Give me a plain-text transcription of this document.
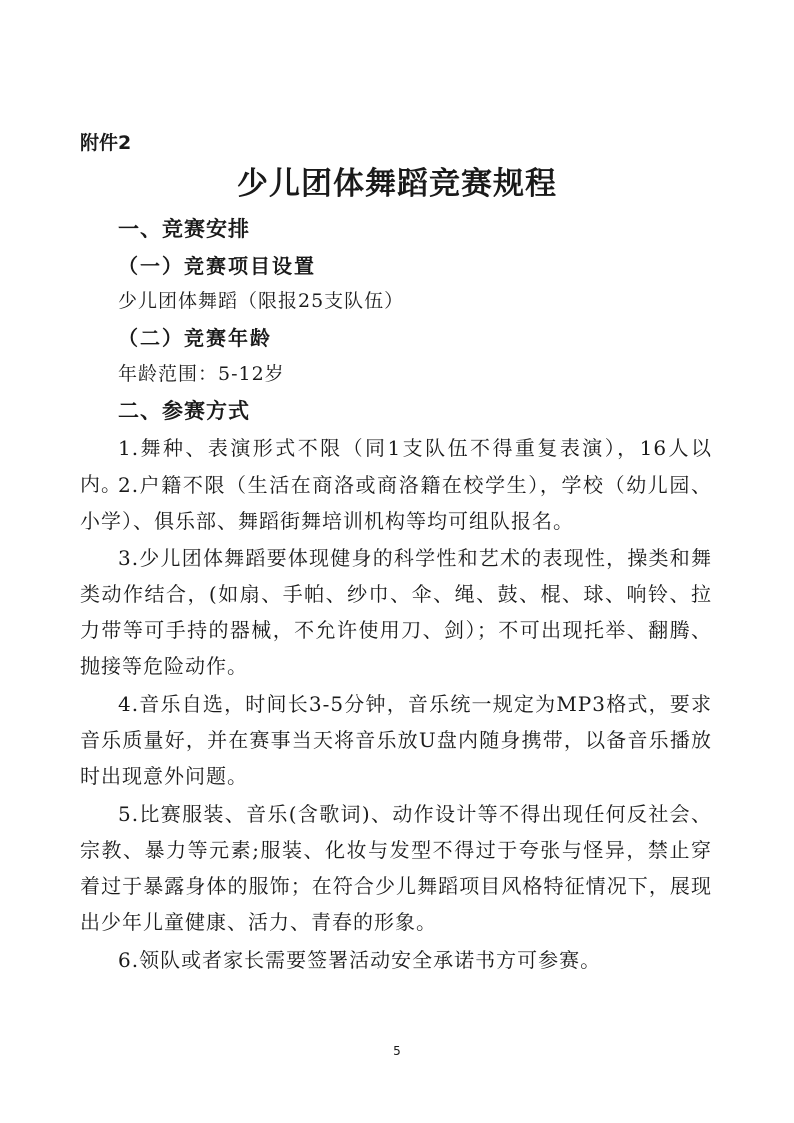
附件2
少儿团体舞蹈竞赛规程
一、竞赛安排
（一）竞赛项目设置
少儿团体舞蹈（限报25支队伍）
（二）竞赛年龄
年龄范围：5-12岁
二、参赛方式

1.舞种、表演形式不限（同1支队伍不得重复表演），16人以内。

2.户籍不限（生活在商洛或商洛籍在校学生），学校（幼儿园、小学）、俱乐部、舞蹈街舞培训机构等均可组队报名。

3.少儿团体舞蹈要体现健身的科学性和艺术的表现性，操类和舞类动作结合，(如扇、手帕、纱巾、伞、绳、鼓、棍、球、响铃、拉力带等可手持的器械，不允许使用刀、剑）；不可出现托举、翻腾、抛接等危险动作。

4.音乐自选，时间长3-5分钟，音乐统一规定为MP3格式，要求音乐质量好，并在赛事当天将音乐放U盘内随身携带，以备音乐播放时出现意外问题。

5.比赛服装、音乐(含歌词)、动作设计等不得出现任何反社会、宗教、暴力等元素;服装、化妆与发型不得过于夸张与怪异，禁止穿着过于暴露身体的服饰；在符合少儿舞蹈项目风格特征情况下，展现出少年儿童健康、活力、青春的形象。

6.领队或者家长需要签署活动安全承诺书方可参赛。

5
